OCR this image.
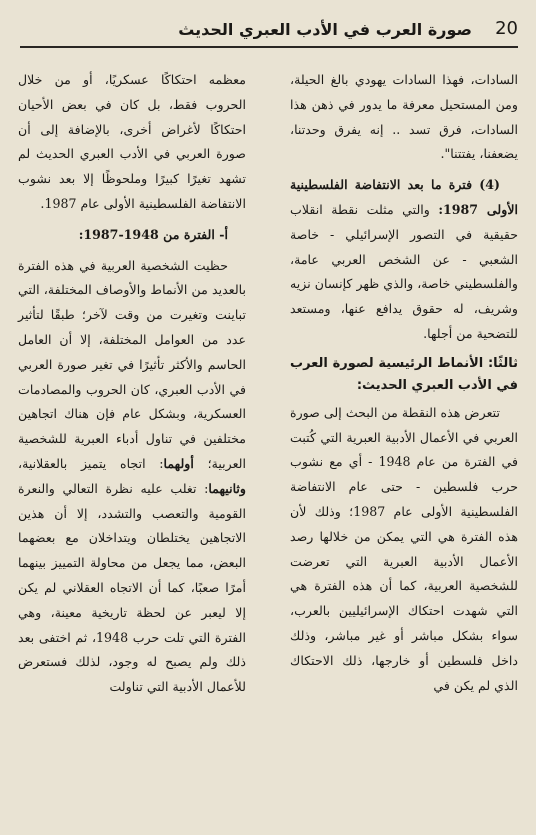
20
صورة العرب في الأدب العبري الحديث

السادات، فهذا السادات يهودي بالغ الحيلة، ومن المستحيل معرفة ما يدور في ذهن هذا السادات، فرق تسد .. إنه يفرق وحدتنا، يضعفنا، يفتتنا".

(4) فترة ما بعد الانتفاضة الفلسطينية الأولى 1987: والتي مثلت نقطة انقلاب حقيقية في التصور الإسرائيلي - خاصة الشعبي - عن الشخص العربي عامة، والفلسطيني خاصة، والذي ظهر كإنسان نزيه وشريف، له حقوق يدافع عنها، ومستعد للتضحية من أجلها.

ثالثًا: الأنماط الرئيسية لصورة العرب في الأدب العبري الحديث:

تتعرض هذه النقطة من البحث إلى صورة العربي في الأعمال الأدبية العبرية التي كُتبت في الفترة من عام 1948 - أي مع نشوب حرب فلسطين - حتى عام الانتفاضة الفلسطينية الأولى عام 1987؛ وذلك لأن هذه الفترة هي التي يمكن من خلالها رصد الأعمال الأدبية العبرية التي تعرضت للشخصية العربية، كما أن هذه الفترة هي التي شهدت احتكاك الإسرائيليين بالعرب، سواء بشكل مباشر أو غير مباشر، وذلك داخل فلسطين أو خارجها، ذلك الاحتكاك الذي لم يكن في

معظمه احتكاكًا عسكريًا، أو من خلال الحروب فقط، بل كان في بعض الأحيان احتكاكًا لأغراض أخرى، بالإضافة إلى أن صورة العربي في الأدب العبري الحديث لم تشهد تغيرًا كبيرًا وملحوظًا إلا بعد نشوب الانتفاضة الفلسطينية الأولى عام 1987.

أ- الفترة من 1948-1987:

حظيت الشخصية العربية في هذه الفترة بالعديد من الأنماط والأوصاف المختلفة، التي تباينت وتغيرت من وقت لآخر؛ طبقًا لتأثير عدد من العوامل المختلفة، إلا أن العامل الحاسم والأكثر تأثيرًا في تغير صورة العربي في الأدب العبري، كان الحروب والمصادمات العسكرية، وبشكل عام فإن هناك اتجاهين مختلفين في تناول أدباء العبرية للشخصية العربية؛ أولهما: اتجاه يتميز بالعقلانية، وثانيهما: تغلب عليه نظرة التعالي والنعرة القومية والتعصب والتشدد، إلا أن هذين الاتجاهين يختلطان ويتداخلان مع بعضهما البعض، مما يجعل من محاولة التمييز بينهما أمرًا صعبًا، كما أن الاتجاه العقلاني لم يكن إلا ليعبر عن لحظة تاريخية معينة، وهي الفترة التي تلت حرب 1948، ثم اختفى بعد ذلك ولم يصبح له وجود، لذلك فستعرض للأعمال الأدبية التي تناولت
